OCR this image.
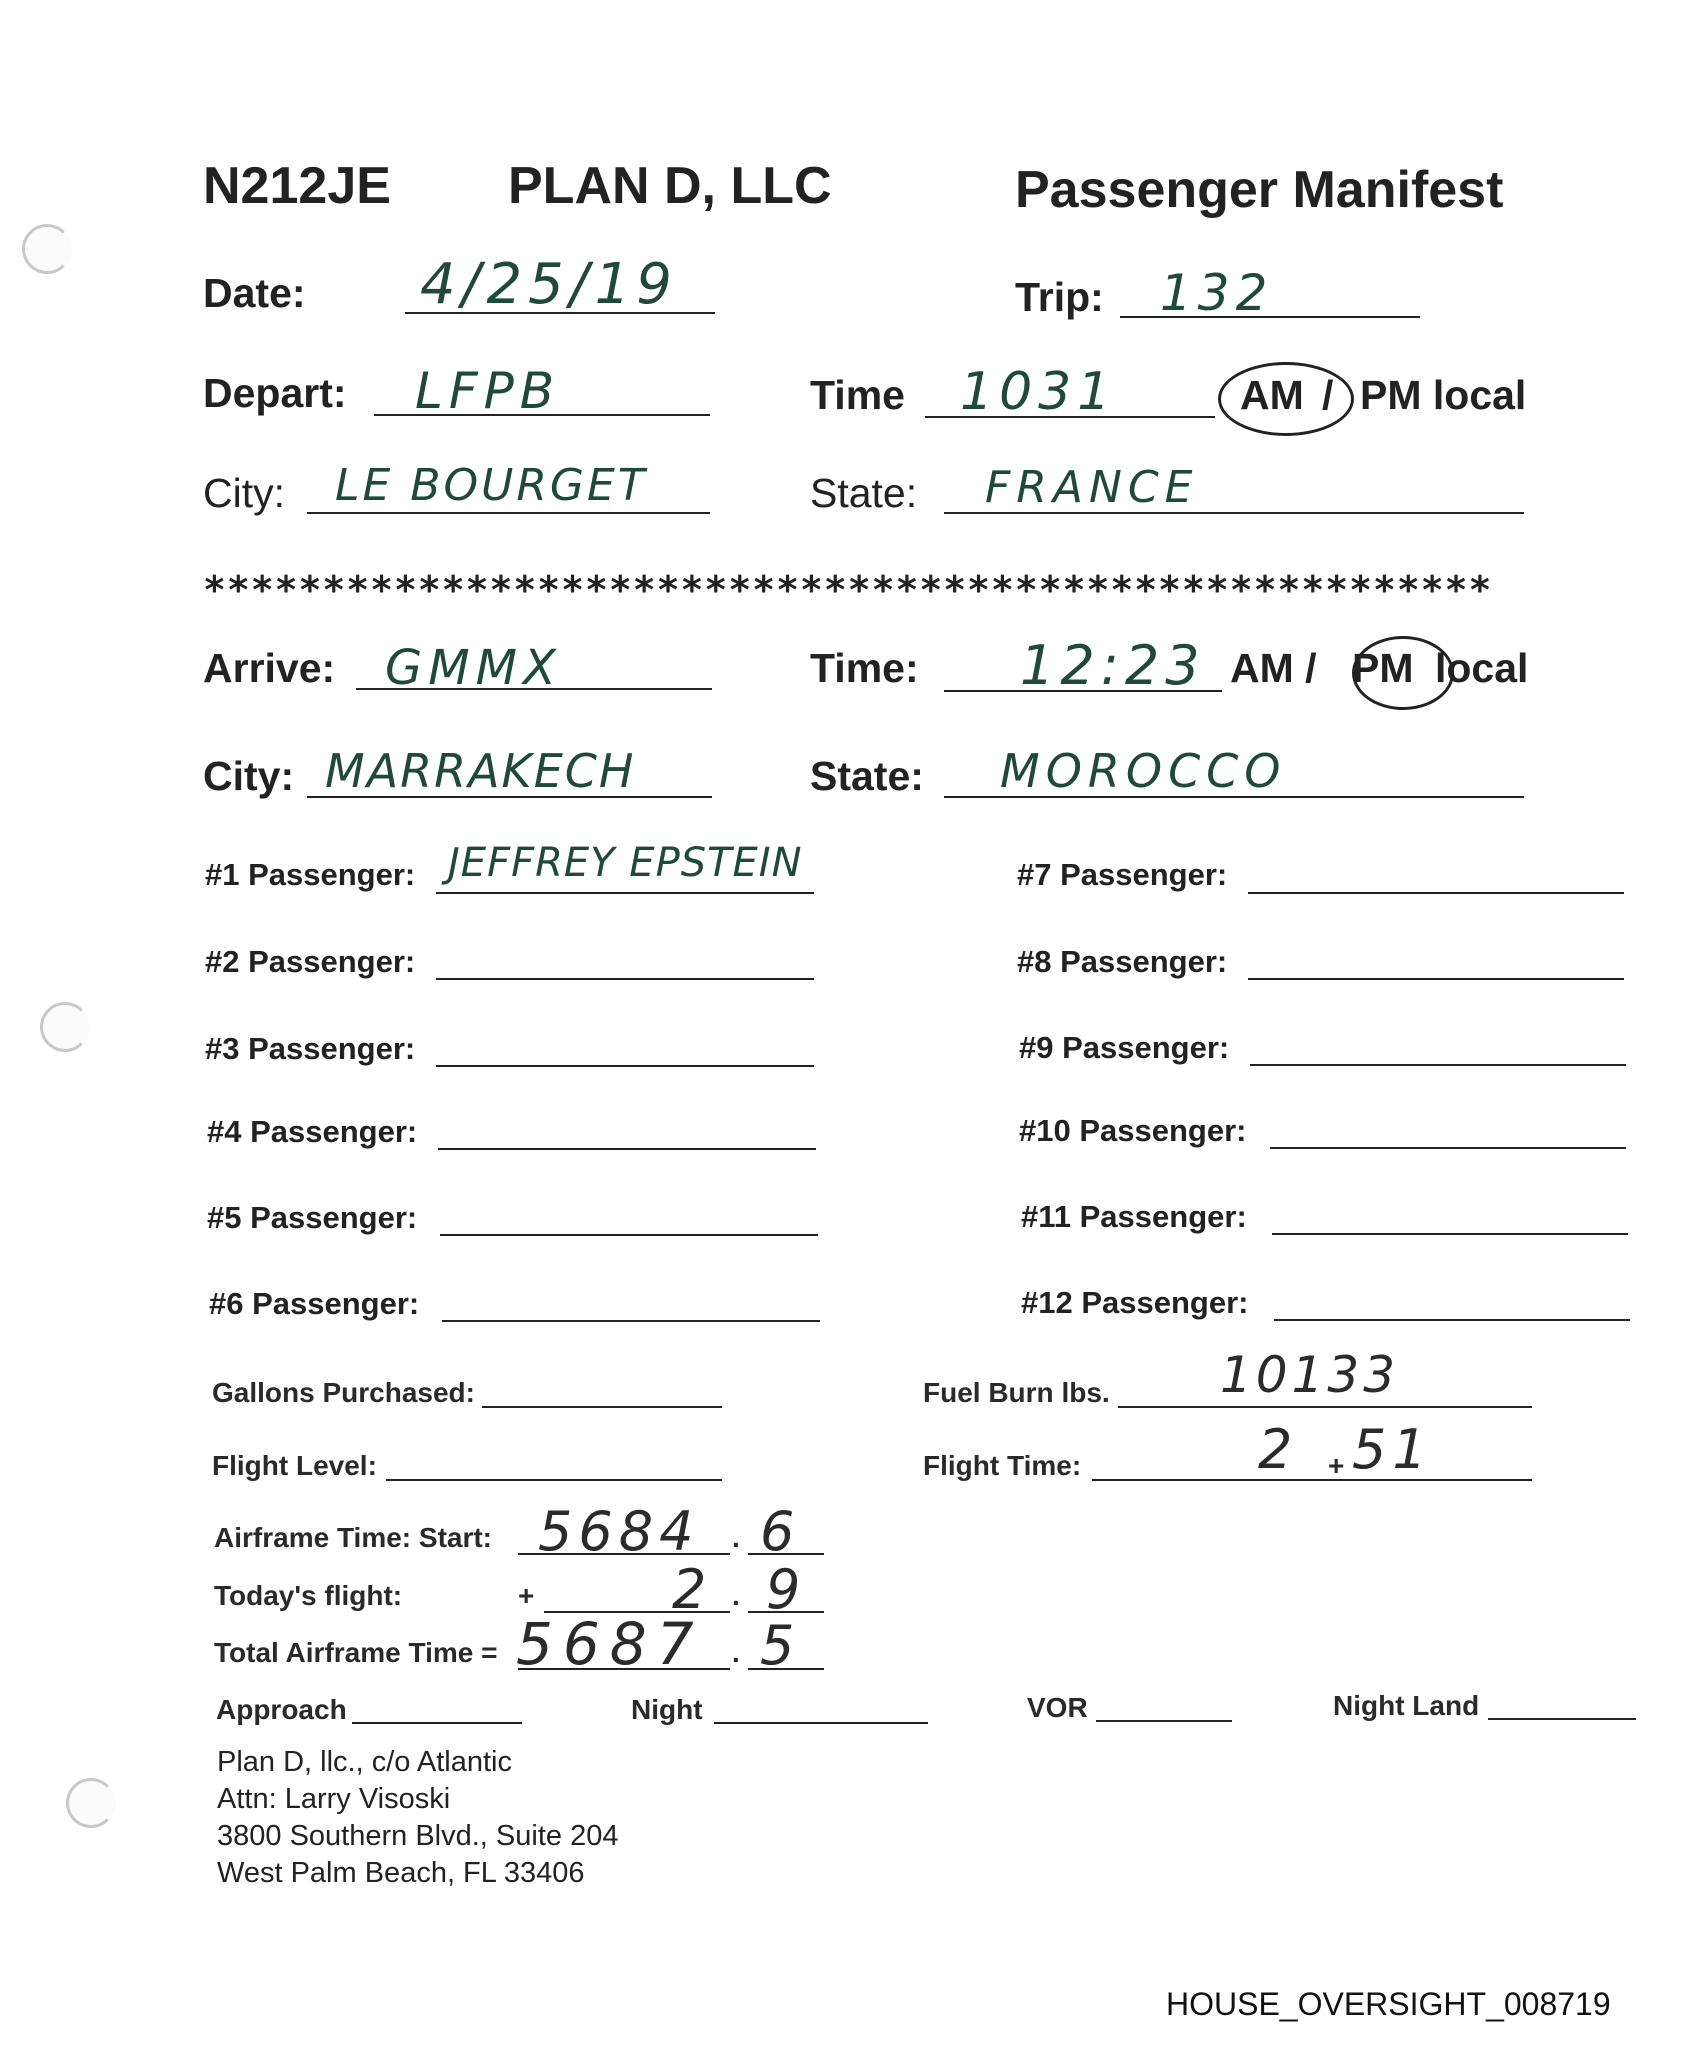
N212JE PLAN D, LLC	Passenger Manifest
Date: 4/25/19	Trip: 132
Depart: LFPB	Time 1031	AM / PM local
City: LE BOURGET	State: FRANCE
******************************************************
Arrive: GMMX	Time: 12:23 AM / PM local
City: MARRAKECH	State: MOROCCO
#1 Passenger: JEFFREY EPSTEIN
#2 Passenger:
#3 Passenger:
#4 Passenger:
#5 Passenger:
#6 Passenger:
#7 Passenger:
#8 Passenger:
#9 Passenger:
#10 Passenger:
#11 Passenger:
#12 Passenger:
Gallons Purchased:	Fuel Burn lbs. 10133
Flight Level:	Flight Time:	2 + 51
Airframe Time: Start: 5684 . 6
Today's flight:	+	2 . 9
Total Airframe Time = 5687 . 5
Approach	Night	VOR	Night Land
Plan D, llc., c/o Atlantic
Attn: Larry Visoski
3800 Southern Blvd., Suite 204
West Palm Beach, FL 33406
HOUSE_OVERSIGHT_008719
